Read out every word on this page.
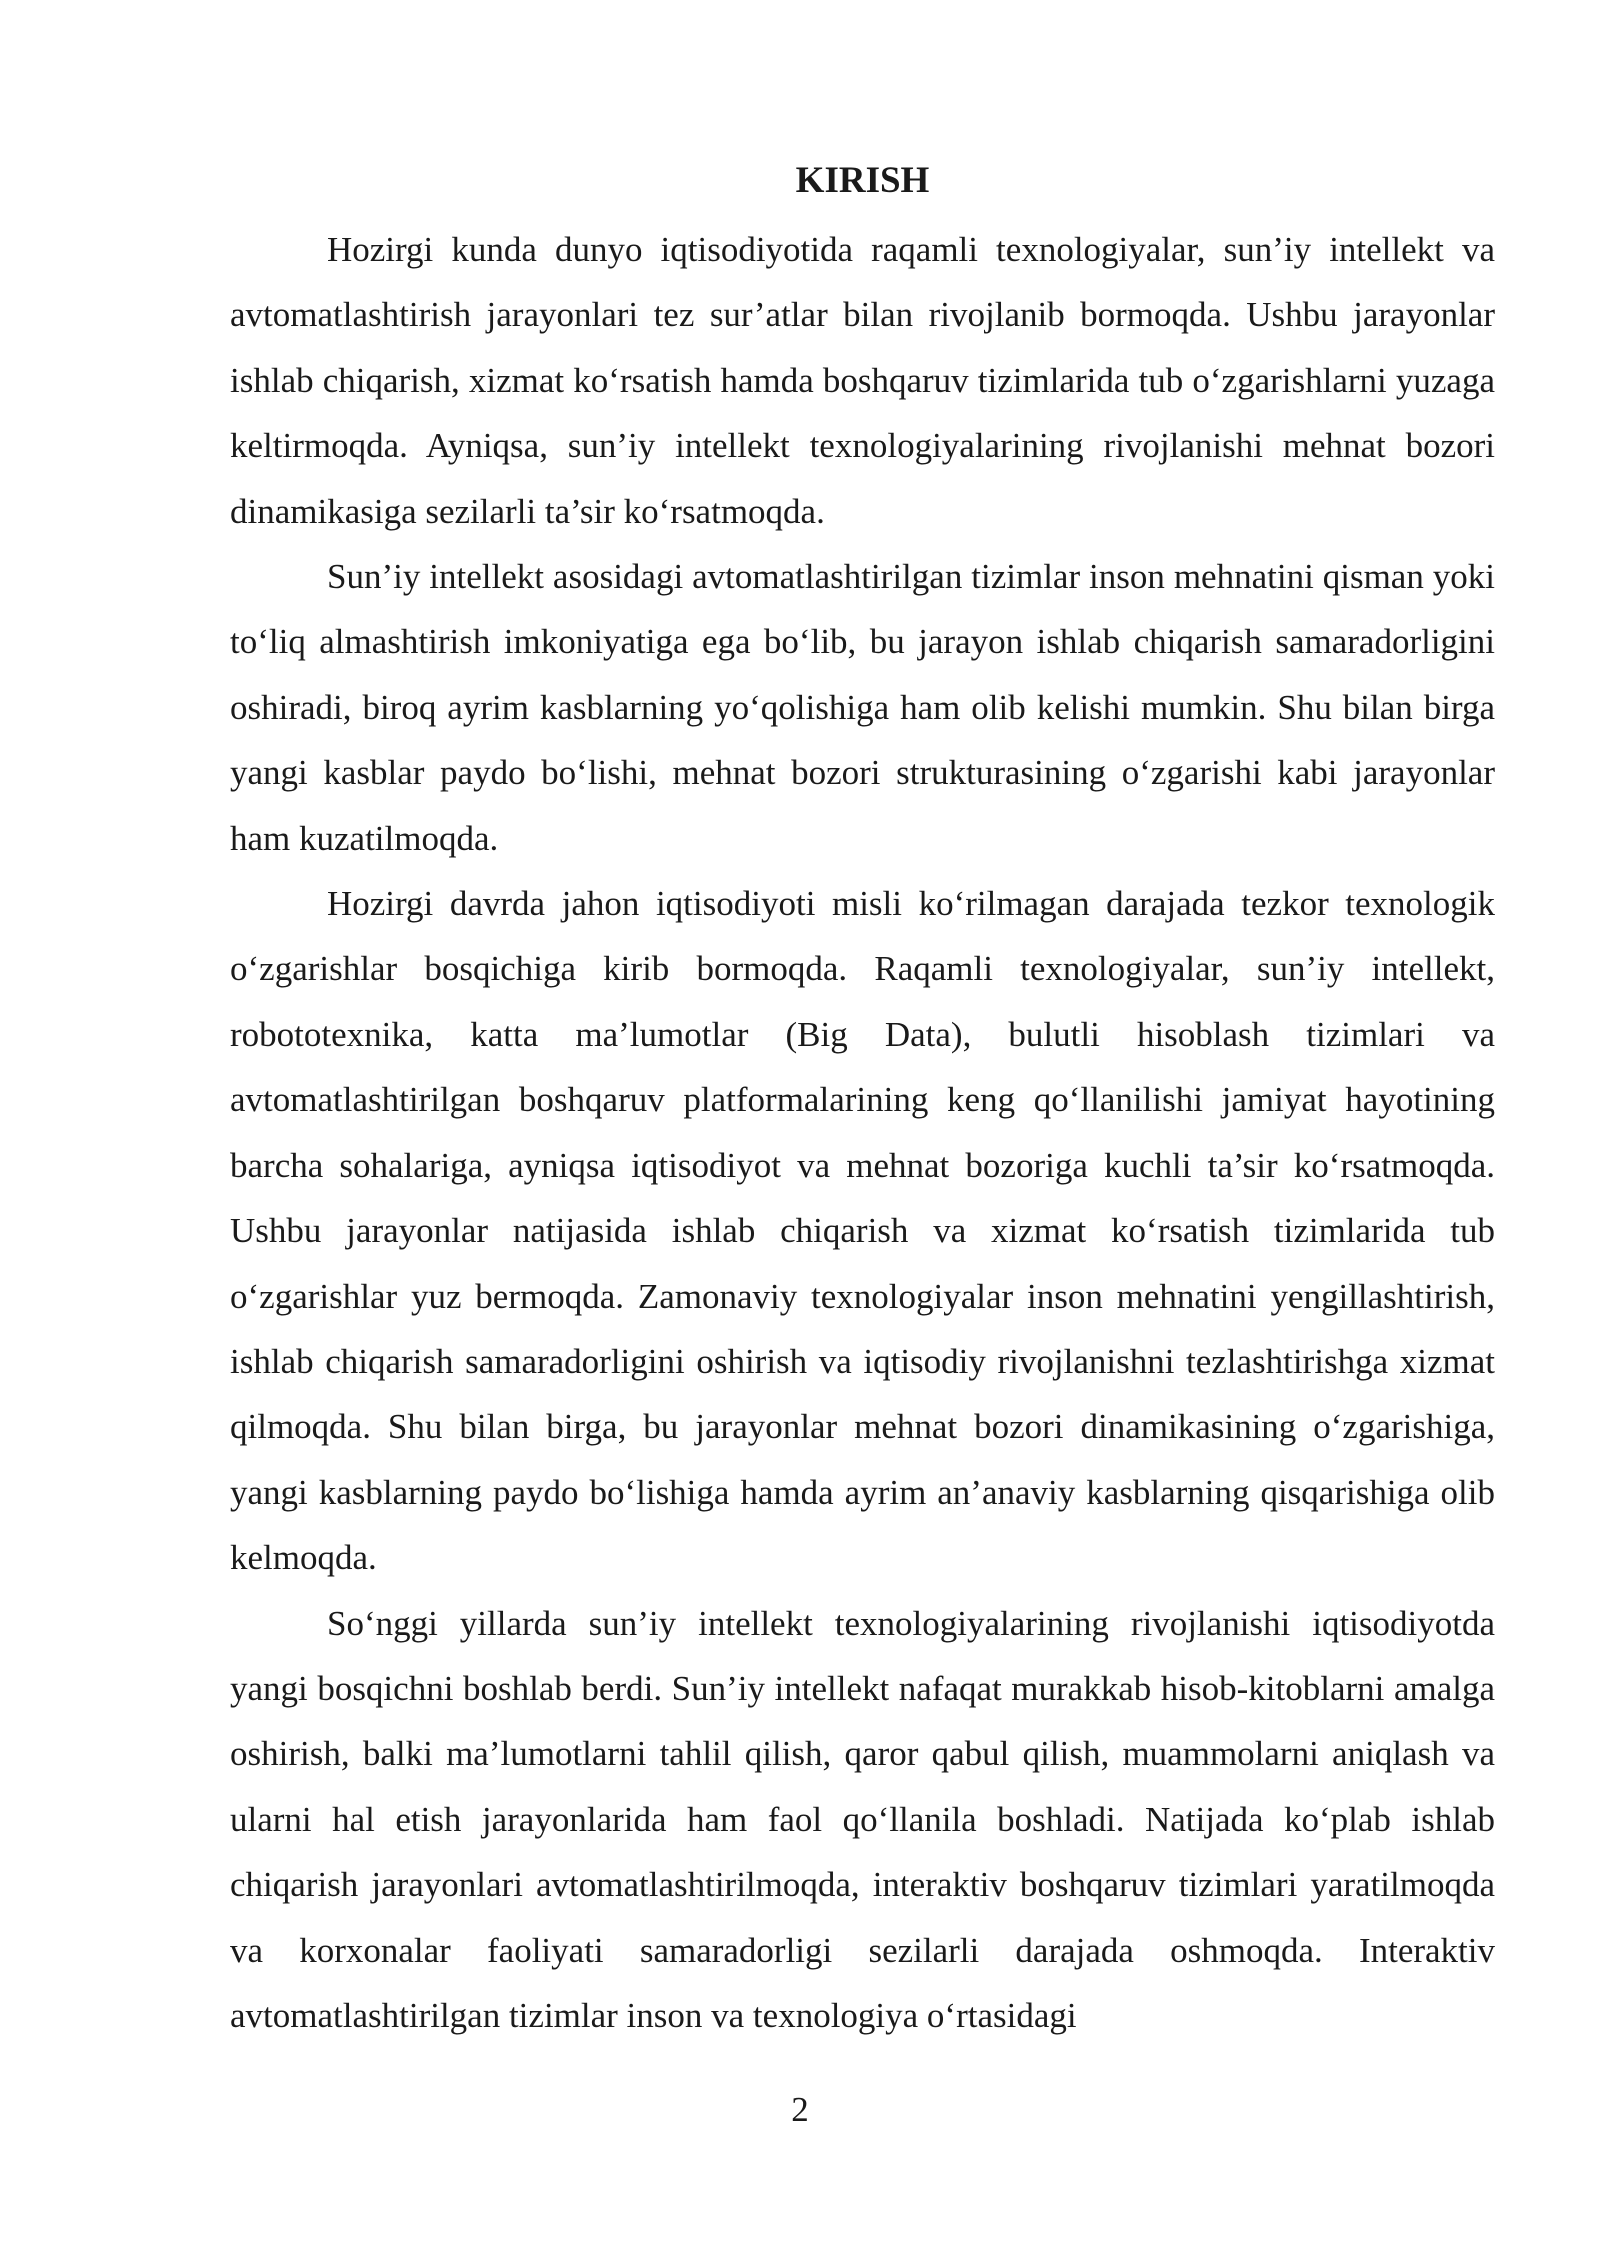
KIRISH

Hozirgi kunda dunyo iqtisodiyotida raqamli texnologiyalar, sun’iy intellekt va avtomatlashtirish jarayonlari tez sur’atlar bilan rivojlanib bormoqda. Ushbu jarayonlar ishlab chiqarish, xizmat ko‘rsatish hamda boshqaruv tizimlarida tub o‘zgarishlarni yuzaga keltirmoqda. Ayniqsa, sun’iy intellekt texnologiyalarining rivojlanishi mehnat bozori dinamikasiga sezilarli ta’sir ko‘rsatmoqda.

Sun’iy intellekt asosidagi avtomatlashtirilgan tizimlar inson mehnatini qisman yoki to‘liq almashtirish imkoniyatiga ega bo‘lib, bu jarayon ishlab chiqarish samaradorligini oshiradi, biroq ayrim kasblarning yo‘qolishiga ham olib kelishi mumkin. Shu bilan birga yangi kasblar paydo bo‘lishi, mehnat bozori strukturasining o‘zgarishi kabi jarayonlar ham kuzatilmoqda.

Hozirgi davrda jahon iqtisodiyoti misli ko‘rilmagan darajada tezkor texnologik o‘zgarishlar bosqichiga kirib bormoqda. Raqamli texnologiyalar, sun’iy intellekt, robototexnika, katta ma’lumotlar (Big Data), bulutli hisoblash tizimlari va avtomatlashtirilgan boshqaruv platformalarining keng qo‘llanilishi jamiyat hayotining barcha sohalariga, ayniqsa iqtisodiyot va mehnat bozoriga kuchli ta’sir ko‘rsatmoqda. Ushbu jarayonlar natijasida ishlab chiqarish va xizmat ko‘rsatish tizimlarida tub o‘zgarishlar yuz bermoqda. Zamonaviy texnologiyalar inson mehnatini yengillashtirish, ishlab chiqarish samaradorligini oshirish va iqtisodiy rivojlanishni tezlashtirishga xizmat qilmoqda. Shu bilan birga, bu jarayonlar mehnat bozori dinamikasining o‘zgarishiga, yangi kasblarning paydo bo‘lishiga hamda ayrim an’anaviy kasblarning qisqarishiga olib kelmoqda.

So‘nggi yillarda sun’iy intellekt texnologiyalarining rivojlanishi iqtisodiyotda yangi bosqichni boshlab berdi. Sun’iy intellekt nafaqat murakkab hisob-kitoblarni amalga oshirish, balki ma’lumotlarni tahlil qilish, qaror qabul qilish, muammolarni aniqlash va ularni hal etish jarayonlarida ham faol qo‘llanila boshladi. Natijada ko‘plab ishlab chiqarish jarayonlari avtomatlashtirilmoqda, interaktiv boshqaruv tizimlari yaratilmoqda va korxonalar faoliyati samaradorligi sezilarli darajada oshmoqda. Interaktiv avtomatlashtirilgan tizimlar inson va texnologiya o‘rtasidagi

2
